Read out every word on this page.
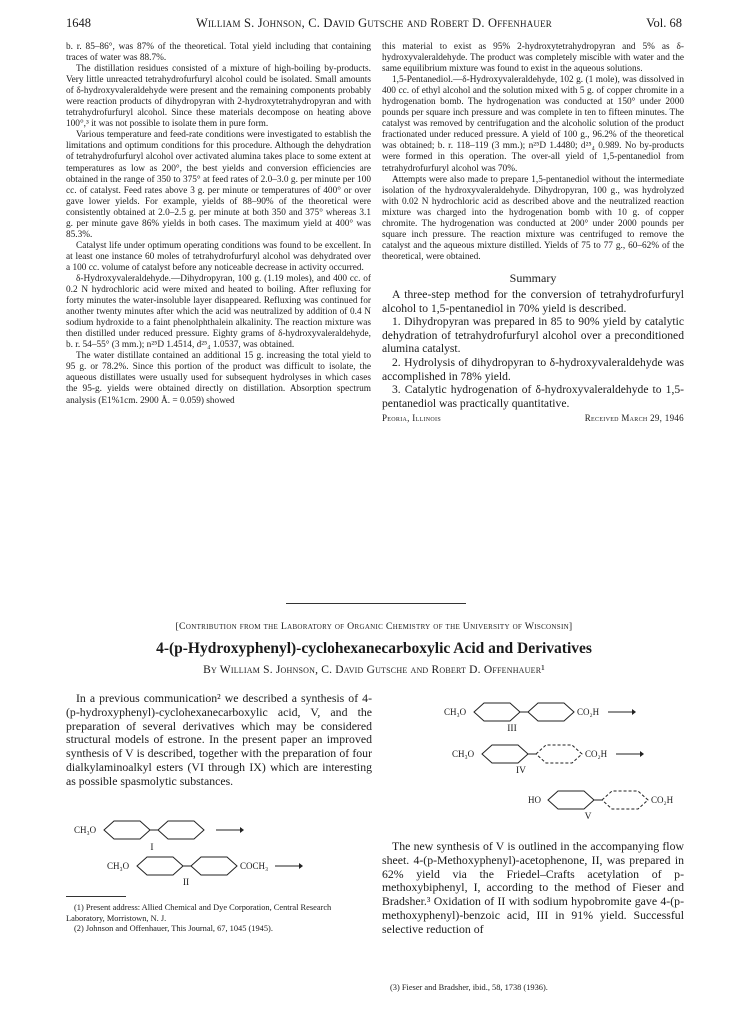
1648	William S. Johnson, C. David Gutsche and Robert D. Offenhauer	Vol. 68

b. r. 85–86°, was 87% of the theoretical. Total yield including that containing traces of water was 88.7%.

The distillation residues consisted of a mixture of high-boiling by-products. Very little unreacted tetrahydrofurfuryl alcohol could be isolated. Small amounts of δ-hydroxyvaleraldehyde were present and the remaining components probably were reaction products of dihydropyran with 2-hydroxytetrahydropyran and with tetrahydrofurfuryl alcohol. Since these materials decompose on heating above 100°,³ it was not possible to isolate them in pure form.

Various temperature and feed-rate conditions were investigated to establish the limitations and optimum conditions for this procedure. Although the dehydration of tetrahydrofurfuryl alcohol over activated alumina takes place to some extent at temperatures as low as 200°, the best yields and conversion efficiencies are obtained in the range of 350 to 375° at feed rates of 2.0–3.0 g. per minute per 100 cc. of catalyst. Feed rates above 3 g. per minute or temperatures of 400° or over gave lower yields. For example, yields of 88–90% of the theoretical were consistently obtained at 2.0–2.5 g. per minute at both 350 and 375° whereas 3.1 g. per minute gave 86% yields in both cases. The maximum yield at 400° was 85.3%.

Catalyst life under optimum operating conditions was found to be excellent. In at least one instance 60 moles of tetrahydrofurfuryl alcohol was dehydrated over a 100 cc. volume of catalyst before any noticeable decrease in activity occurred.

δ-Hydroxyvaleraldehyde.—Dihydropyran, 100 g. (1.19 moles), and 400 cc. of 0.2 N hydrochloric acid were mixed and heated to boiling. After refluxing for forty minutes the water-insoluble layer disappeared. Refluxing was continued for another twenty minutes after which the acid was neutralized by addition of 0.4 N sodium hydroxide to a faint phenolphthalein alkalinity. The reaction mixture was then distilled under reduced pressure. Eighty grams of δ-hydroxyvaleraldehyde, b. r. 54–55° (3 mm.); n²⁵D 1.4514, d²⁵₄ 1.0537, was obtained.

The water distillate contained an additional 15 g. increasing the total yield to 95 g. or 78.2%. Since this portion of the product was difficult to isolate, the aqueous distillates were usually used for subsequent hydrolyses in which cases the 95-g. yields were obtained directly on distillation. Absorption spectrum analysis (E1%1cm. 2900 Å. = 0.059) showed

this material to exist as 95% 2-hydroxytetrahydropyran and 5% as δ-hydroxyvaleraldehyde. The product was completely miscible with water and the same equilibrium mixture was found to exist in the aqueous solutions.

1,5-Pentanediol.—δ-Hydroxyvaleraldehyde, 102 g. (1 mole), was dissolved in 400 cc. of ethyl alcohol and the solution mixed with 5 g. of copper chromite in a hydrogenation bomb. The hydrogenation was conducted at 150° under 2000 pounds per square inch pressure and was complete in ten to fifteen minutes. The catalyst was removed by centrifugation and the alcoholic solution of the product fractionated under reduced pressure. A yield of 100 g., 96.2% of the theoretical was obtained; b. r. 118–119 (3 mm.); n²⁵D 1.4480; d²⁵₄ 0.989. No by-products were formed in this operation. The over-all yield of 1,5-pentanediol from tetrahydrofurfuryl alcohol was 70%.

Attempts were also made to prepare 1,5-pentanediol without the intermediate isolation of the hydroxyvaleraldehyde. Dihydropyran, 100 g., was hydrolyzed with 0.02 N hydrochloric acid as described above and the neutralized reaction mixture was charged into the hydrogenation bomb with 10 g. of copper chromite. The hydrogenation was conducted at 200° under 2000 pounds per square inch pressure. The reaction mixture was centrifuged to remove the catalyst and the aqueous mixture distilled. Yields of 75 to 77 g., 60–62% of the theoretical, were obtained.

Summary

A three-step method for the conversion of tetrahydrofurfuryl alcohol to 1,5-pentanediol in 70% yield is described.

1. Dihydropyran was prepared in 85 to 90% yield by catalytic dehydration of tetrahydrofurfuryl alcohol over a preconditioned alumina catalyst.

2. Hydrolysis of dihydropyran to δ-hydroxyvaleraldehyde was accomplished in 78% yield.

3. Catalytic hydrogenation of δ-hydroxyvaleraldehyde to 1,5-pentanediol was practically quantitative.

Peoria, Illinois	Received March 29, 1946
[Contribution from the Laboratory of Organic Chemistry of the University of Wisconsin]
4-(p-Hydroxyphenyl)-cyclohexanecarboxylic Acid and Derivatives
By William S. Johnson, C. David Gutsche and Robert D. Offenhauer¹

In a previous communication² we described a synthesis of 4-(p-hydroxyphenyl)-cyclohexanecarboxylic acid, V, and the preparation of several derivatives which may be considered structural models of estrone. In the present paper an improved synthesis of V is described, together with the preparation of four dialkylaminoalkyl esters (VI through IX) which are interesting as possible spasmolytic substances.

CH₃O
I
CH₃O	COCH₃
II

(1) Present address: Allied Chemical and Dye Corporation, Central Research Laboratory, Morristown, N. J.

(2) Johnson and Offenhauer, This Journal, 67, 1045 (1945).

CH₃O	CO₂H
III
CH₃O	CO₂H
IV
HO	CO₂H
V

The new synthesis of V is outlined in the accompanying flow sheet. 4-(p-Methoxyphenyl)-acetophenone, II, was prepared in 62% yield via the Friedel–Crafts acetylation of p-methoxybiphenyl, I, according to the method of Fieser and Bradsher.³ Oxidation of II with sodium hypobromite gave 4-(p-methoxyphenyl)-benzoic acid, III in 91% yield. Successful selective reduction of

(3) Fieser and Bradsher, ibid., 58, 1738 (1936).
